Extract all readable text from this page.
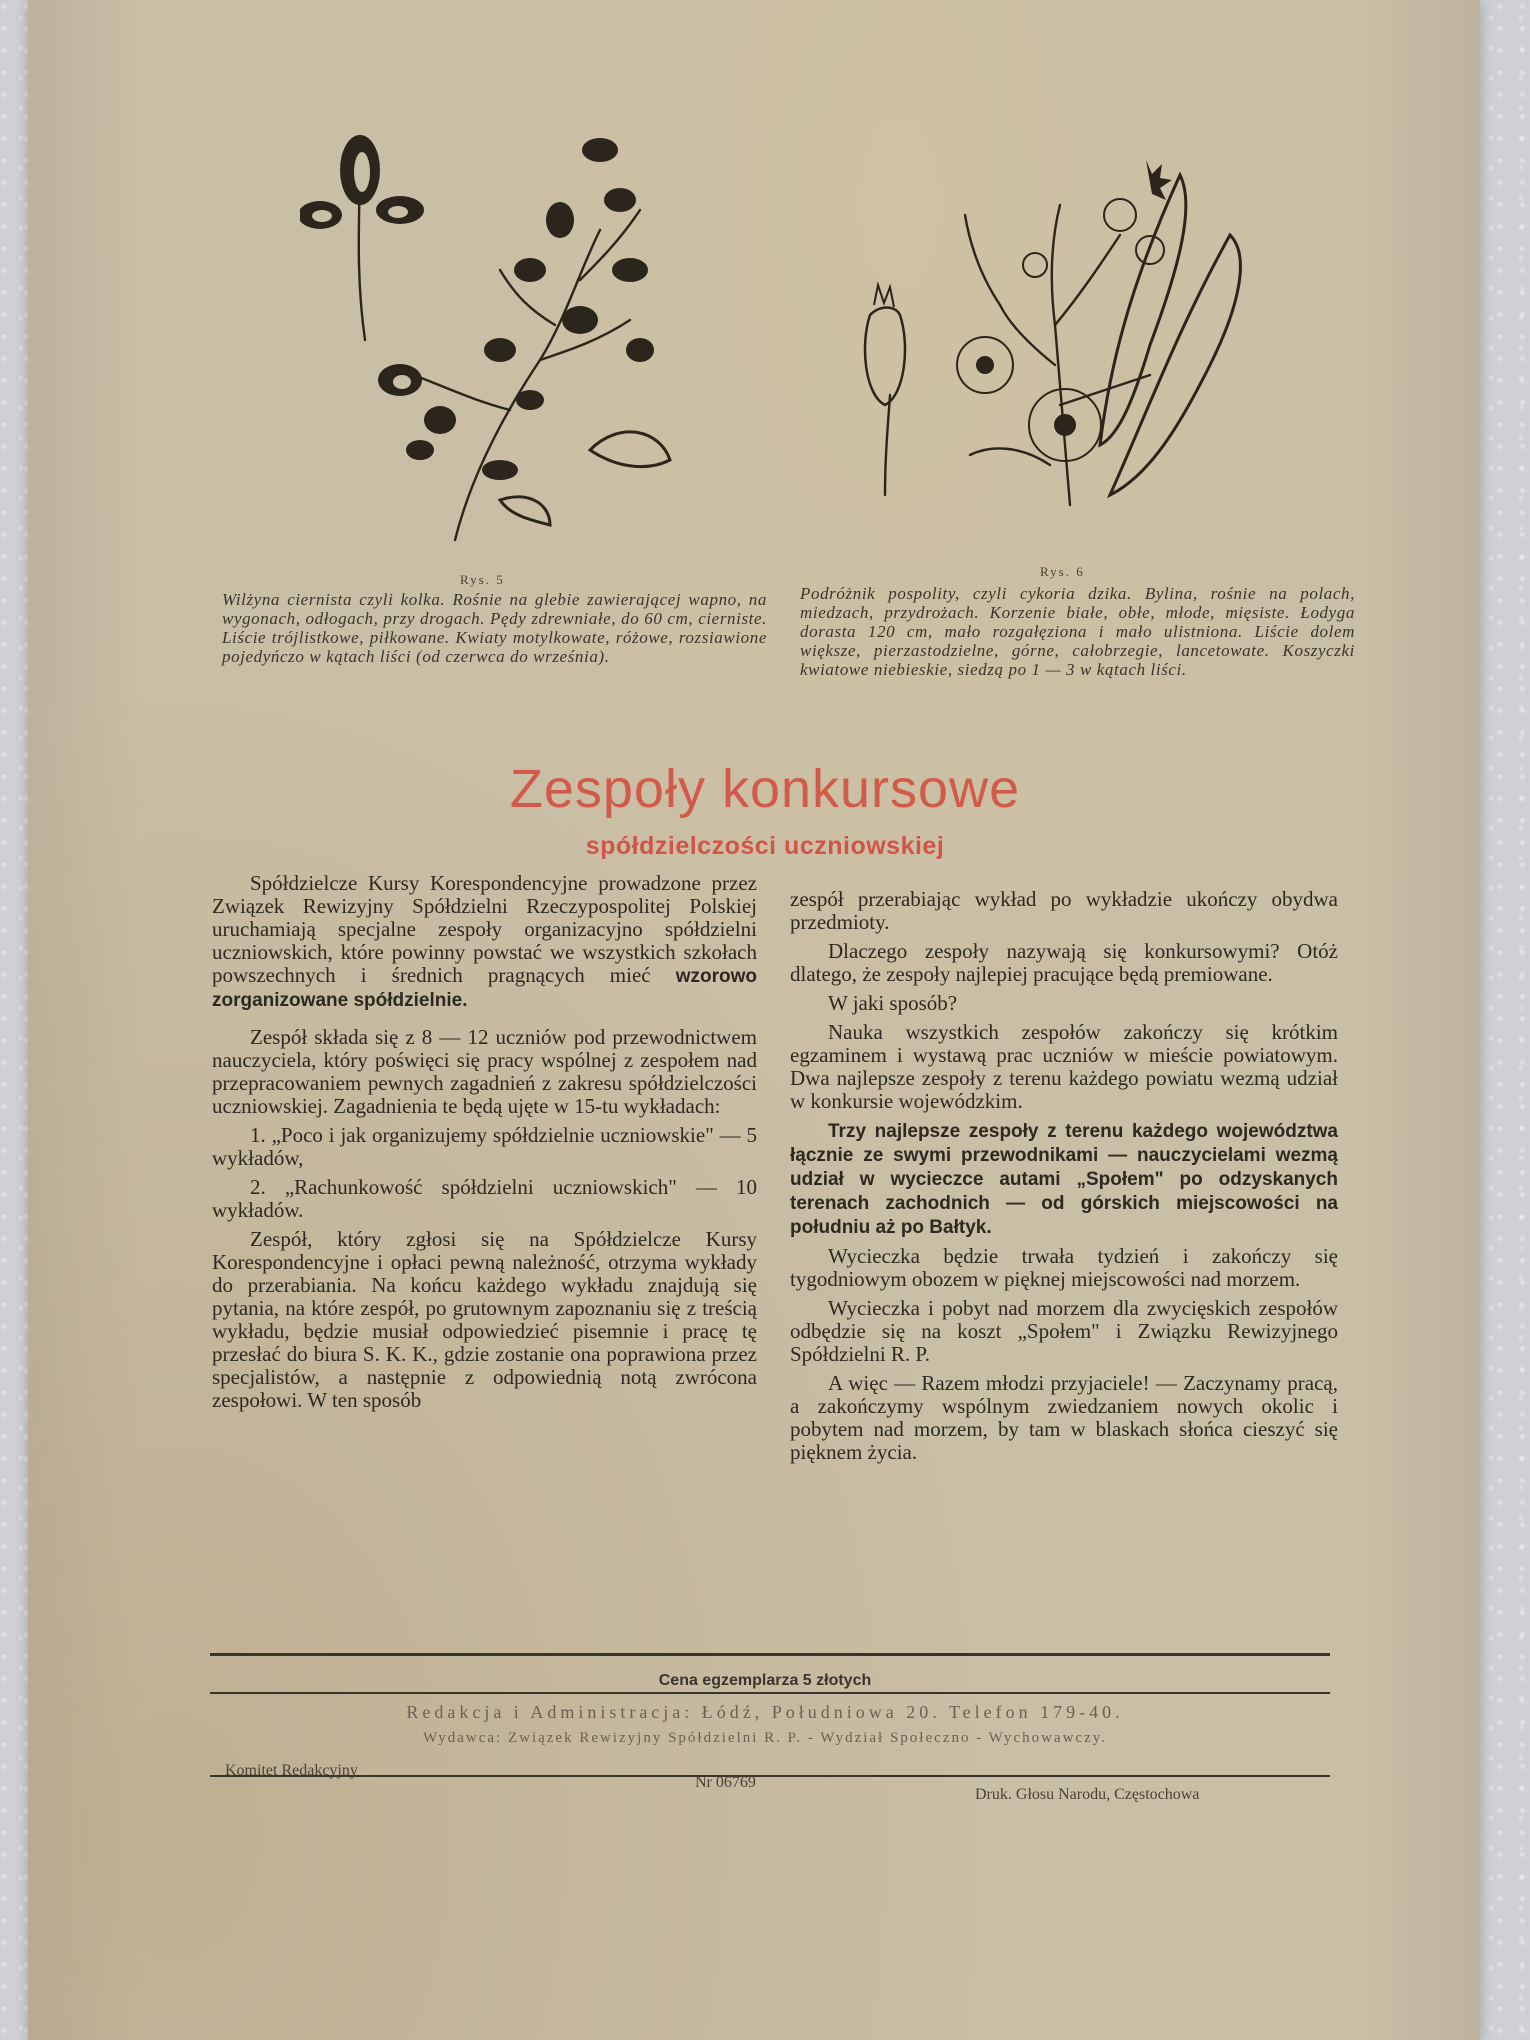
Rys. 5
Rys. 6
Wilżyna ciernista czyli kolka. Rośnie na glebie zawierającej wapno, na wygonach, odłogach, przy drogach. Pędy zdrewniałe, do 60 cm, cierniste. Liście trójlistkowe, piłkowane. Kwiaty motylkowate, różowe, rozsiawione pojedyńczo w kątach liści (od czerwca do września).
Podróżnik pospolity, czyli cykoria dzika. Bylina, rośnie na polach, miedzach, przydrożach. Korzenie białe, obłe, młode, mięsiste. Łodyga dorasta 120 cm, mało rozgałęziona i mało ulistniona. Liście dolem większe, pierzastodzielne, górne, całobrzegie, lancetowate. Koszyczki kwiatowe niebieskie, siedzą po 1 — 3 w kątach liści.
Zespoły konkursowe
spółdzielczości uczniowskiej

Spółdzielcze Kursy Korespondencyjne prowadzone przez Związek Rewizyjny Spółdzielni Rzeczypospolitej Polskiej uruchamiają specjalne zespoły organizacyjno spółdzielni uczniowskich, które powinny powstać we wszystkich szkołach powszechnych i średnich pragnących mieć wzorowo zorganizowane spółdzielnie.

Zespół składa się z 8 — 12 uczniów pod przewodnictwem nauczyciela, który poświęci się pracy wspólnej z zespołem nad przepracowaniem pewnych zagadnień z zakresu spółdzielczości uczniowskiej. Zagadnienia te będą ujęte w 15-tu wykładach:

1. „Poco i jak organizujemy spółdzielnie uczniowskie" — 5 wykładów,

2. „Rachunkowość spółdzielni uczniowskich" — 10 wykładów.

Zespół, który zgłosi się na Spółdzielcze Kursy Korespondencyjne i opłaci pewną należność, otrzyma wykłady do przerabiania. Na końcu każdego wykładu znajdują się pytania, na które zespół, po grutownym zapoznaniu się z treścią wykładu, będzie musiał odpowiedzieć pisemnie i pracę tę przesłać do biura S. K. K., gdzie zostanie ona poprawiona przez specjalistów, a następnie z odpowiednią notą zwrócona zespołowi. W ten sposób

zespół przerabiając wykład po wykładzie ukończy obydwa przedmioty.

Dlaczego zespoły nazywają się konkursowymi? Otóż dlatego, że zespoły najlepiej pracujące będą premiowane.

W jaki sposób?

Nauka wszystkich zespołów zakończy się krótkim egzaminem i wystawą prac uczniów w mieście powiatowym. Dwa najlepsze zespoły z terenu każdego powiatu wezmą udział w konkursie wojewódzkim.

Trzy najlepsze zespoły z terenu każdego województwa łącznie ze swymi przewodnikami — nauczycielami wezmą udział w wycieczce autami „Społem" po odzyskanych terenach zachodnich — od górskich miejscowości na południu aż po Bałtyk.

Wycieczka będzie trwała tydzień i zakończy się tygodniowym obozem w pięknej miejscowości nad morzem.

Wycieczka i pobyt nad morzem dla zwycięskich zespołów odbędzie się na koszt „Społem" i Związku Rewizyjnego Spółdzielni R. P.

A więc — Razem młodzi przyjaciele! — Zaczynamy pracą, a zakończymy wspólnym zwiedzaniem nowych okolic i pobytem nad morzem, by tam w blaskach słońca cieszyć się pięknem życia.

Cena egzemplarza 5 złotych
Redakcja i Administracja: Łódź, Południowa 20. Telefon 179-40.
Wydawca: Związek Rewizyjny Spółdzielni R. P. - Wydział Społeczno - Wychowawczy.
Komitet Redakcyjny
Nr 06769
Druk. Głosu Narodu, Częstochowa
